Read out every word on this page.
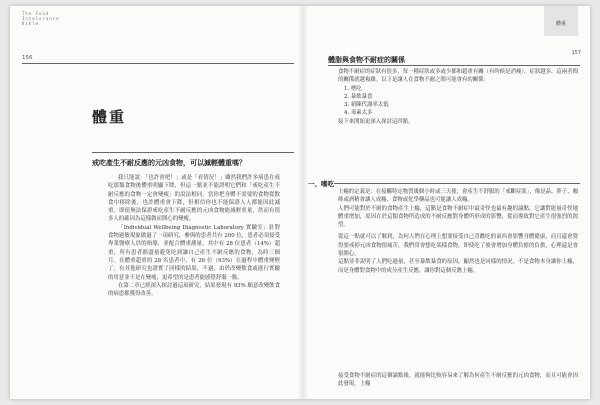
The Food
Intolerance
Bible
156
體重
戒吃產生不耐反應的元凶食物，可以減輕體重嗎？

我只能說：「也許會吧！」或是「看情況！」雖然我們許多病患在戒吃那類食物後體重明顯下降，但這一點並不能證明它們和「戒吃產生不耐反應的食物一定會變瘦」的說法相同。當你把身體不需要的食物從飲食中移除後，也許體重會下降，但相信你也不能保證人人都能因此減重。即使無法保證戒吃產生不耐反應的元凶食物能減輕重量，然而有很多人的確因為這樣做而開心的變瘦。

「Individual Wellbeing Diagnostic Laboratory 實驗室」針對食物過敏現象做過了一項研究，參與的患者共有 200 位，患者必須接受專業醫療人員的指導，並配合體重測量，其中有 28 位患者（14%）超重，所有患者都盡量避免吃到讓自己產生不耐反應的食物，為時三個月。在體重超重的 28 名患者中，有 26 位（93%）在過程中體重變輕了。有其他研究也證實了同樣的結果，不過，由於改變飲食或進行實驗的用意並不是在變瘦，更希望的是患者能感覺舒服一點。

在第二章已經深入探討過這項研究，結果發現有 93% 願意改變飲食的病患都獲得改善。

體重
157
體脂與食物不耐症的關係

食物不耐症的症狀有很多，每一種症狀或多或少都和超重有關（有時候是消瘦），症狀越多，這兩者間的關係就越複雜。以下是讓人在食物不耐之間可能會有的關係：

1. 嗜吃
2. 暴飲暴食
3. 新陳代謝率太低
4. 毒素太多

接下來開始更深入探討這四點。

一、嗜吃

上癮的定義是：在接觸特定物質幾個小時或三天後，會產生不舒服的「戒斷症狀」，像是晶、胖子、咖啡或酒精會讓人成癮，食物或化學藥品也可能讓人成癮。

人們可能對於不耐的食物產生上癮，這點是食物不耐症中最奇怪也最有趣的論點，它讓對能量奇怪地體重增加，原因在於這類食物所造成的不耐反應對身體所形成的影響，從而導致對它產生很強烈的渴望。

從這一點就可以了解到，為何人們在心理上想要接受自己喜歡吃的東西會影響身體健康，而且還會覺得要戒掉元凶食物很痛苦，我們常會想吃某樣食物，即使吃了後會增加身體負擔的負擔，心理還是會很開心。

這點並非說明了人們吃過量，甚至暴飲暴食的原因，顯然也是同樣的情況，不是食物本身讓你上癮，而是身體對食物中的成分產生反應，讓你對這個反應上癮。

接受食物不耐症的這個論點後，就能夠比較容易來了解為何產生不耐反應的元凶食物，而且可能會因此發現，上癮
